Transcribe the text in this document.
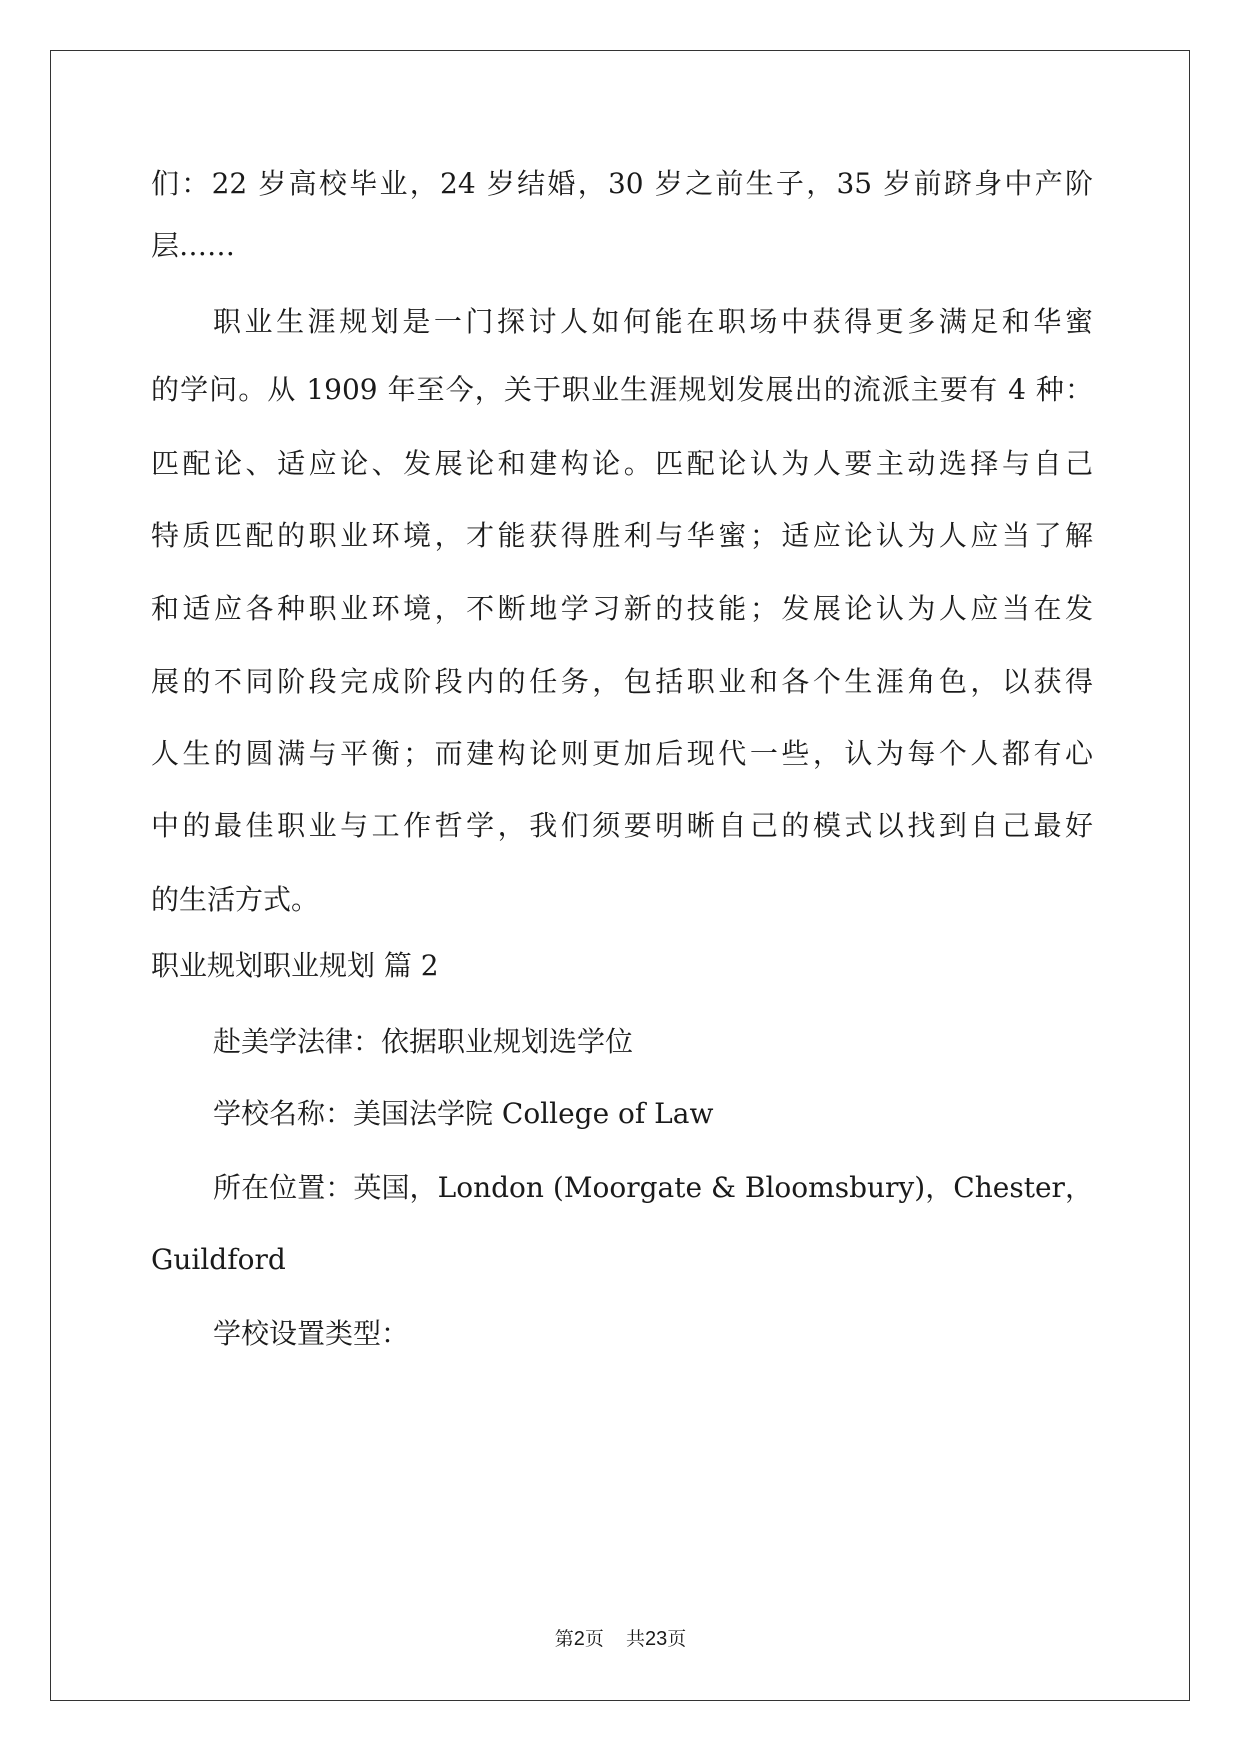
们：22 岁高校毕业，24 岁结婚，30 岁之前生子，35 岁前跻身中产阶
层……
职业生涯规划是一门探讨人如何能在职场中获得更多满足和华蜜
的学问。从 1909 年至今，关于职业生涯规划发展出的流派主要有 4 种：
匹配论、适应论、发展论和建构论。匹配论认为人要主动选择与自己
特质匹配的职业环境，才能获得胜利与华蜜；适应论认为人应当了解
和适应各种职业环境，不断地学习新的技能；发展论认为人应当在发
展的不同阶段完成阶段内的任务，包括职业和各个生涯角色，以获得
人生的圆满与平衡；而建构论则更加后现代一些，认为每个人都有心
中的最佳职业与工作哲学，我们须要明晰自己的模式以找到自己最好
的生活方式。
职业规划职业规划 篇 2
赴美学法律：依据职业规划选学位
学校名称：美国法学院 College of Law
所在位置：英国，London (Moorgate & Bloomsbury)，Chester，
Guildford
学校设置类型：
第2页 共23页
